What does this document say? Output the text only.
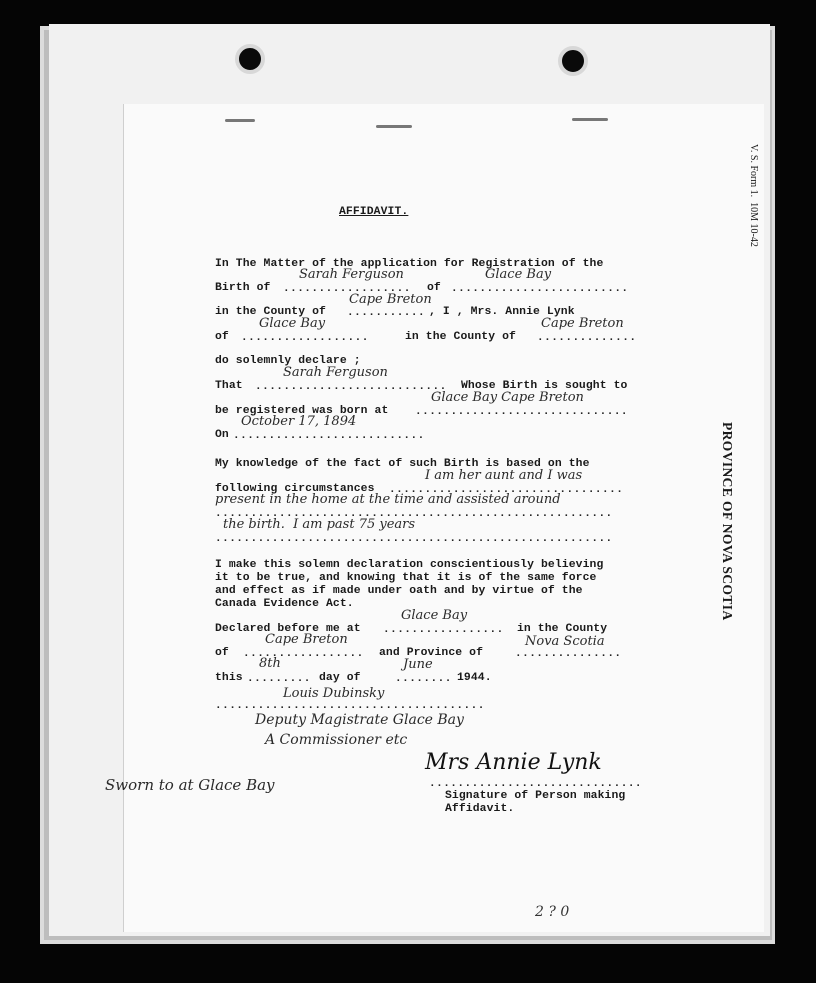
V. S. Form 1.  10M 10-42
PROVINCE OF NOVA SCOTIA
AFFIDAVIT.
In The Matter of the application for Registration of the
Birth of ..................
Sarah Ferguson
of .........................
Glace Bay
in the County of ...........
Cape Breton
, I , Mrs. Annie Lynk
of ..................
Glace Bay
in the County of ..............
Cape Breton
do solemnly declare ;
That ...........................
Sarah Ferguson
Whose Birth is sought to
be registered was born at ..............................
Glace Bay Cape Breton
On ...........................
October 17, 1894
My knowledge of the fact of such Birth is based on the
following circumstances .................................
I am her aunt and I was
........................................................
present in the home at the time and assisted around
........................................................
the birth.  I am past 75 years
I make this solemn declaration conscientiously believing
it to be true, and knowing that it is of the same force
and effect as if made under oath and by virtue of the
Canada Evidence Act.
Declared before me at .................
Glace Bay
in the County
of .................
Cape Breton
and Province of	...............
Nova Scotia
this .........
8th
day of	........
June
1944.
......................................
Louis Dubinsky
Deputy Magistrate Glace Bay
A Commissioner etc
Sworn to at Glace Bay
Mrs Annie Lynk
..............................
Signature of Person making
Affidavit.
2 ? 0
